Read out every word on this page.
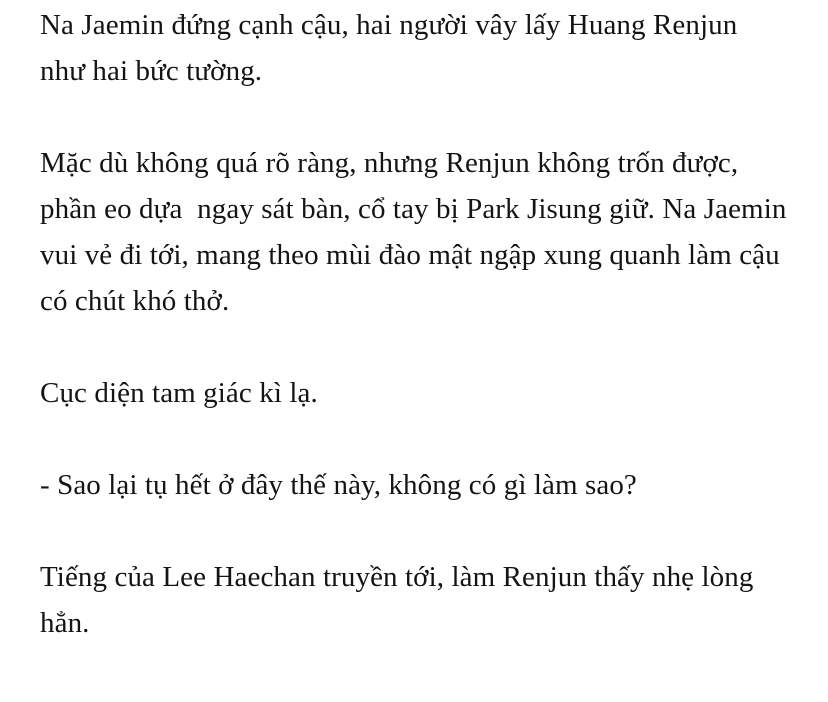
Na Jaemin đứng cạnh cậu, hai người vây lấy Huang Renjun như hai bức tường.

Mặc dù không quá rõ ràng, nhưng Renjun không trốn được, phần eo dựa  ngay sát bàn, cổ tay bị Park Jisung giữ. Na Jaemin vui vẻ đi tới, mang theo mùi đào mật ngập xung quanh làm cậu có chút khó thở.

Cục diện tam giác kì lạ.

- Sao lại tụ hết ở đây thế này, không có gì làm sao?

Tiếng của Lee Haechan truyền tới, làm Renjun thấy nhẹ lòng hẳn.
